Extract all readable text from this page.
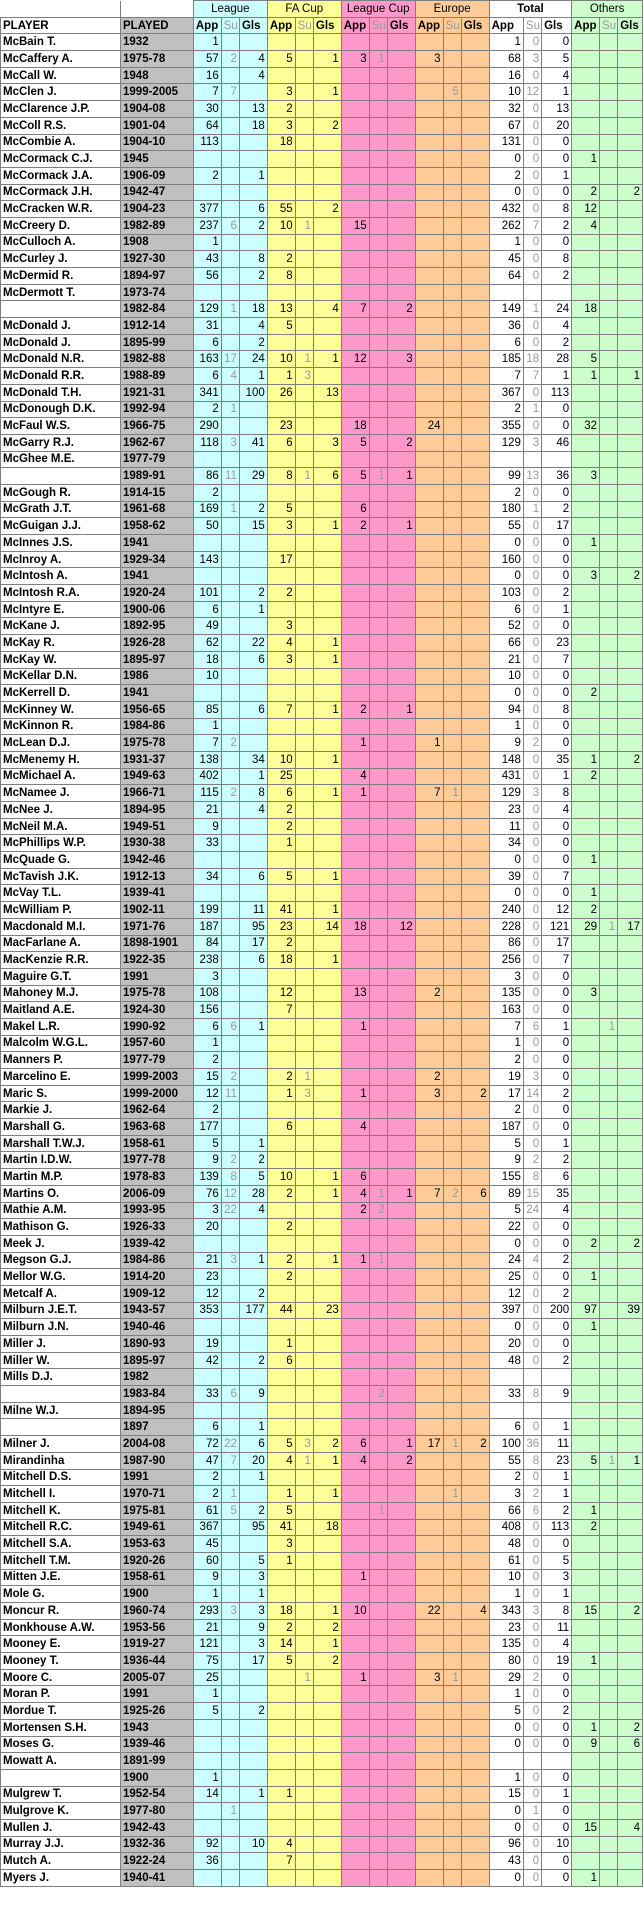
		League			FA Cup			League Cup			Europe			Total			Others		
PLAYER	PLAYED	App	Su	Gls	App	Su	Gls	App	Su	Gls	App	Su	Gls	App	Su	Gls	App	Su	Gls
McBain T.	1932	1												1	0	0			
McCaffery A.	1975-78	57	2	4	5		1	3	1		3			68	3	5			
McCall W.	1948	16		4										16	0	4			
McClen J.	1999-2005	7	7		3		1					5		10	12	1			
McClarence J.P.	1904-08	30		13	2									32	0	13			
McColl R.S.	1901-04	64		18	3		2							67	0	20			
McCombie A.	1904-10	113			18									131	0	0			
McCormack C.J.	1945													0	0	0	1		
McCormack J.A.	1906-09	2		1										2	0	1			
McCormack J.H.	1942-47													0	0	0	2		2
McCracken W.R.	1904-23	377		6	55		2							432	0	8	12		
McCreery D.	1982-89	237	6	2	10	1		15						262	7	2	4		
McCulloch A.	1908	1												1	0	0			
McCurley J.	1927-30	43		8	2									45	0	8			
McDermid R.	1894-97	56		2	8									64	0	2			
McDermott T.	1973-74																		
	1982-84	129	1	18	13		4	7		2				149	1	24	18		
McDonald J.	1912-14	31		4	5									36	0	4			
McDonald J.	1895-99	6		2										6	0	2			
McDonald N.R.	1982-88	163	17	24	10	1	1	12		3				185	18	28	5		
McDonald R.R.	1988-89	6	4	1	1	3								7	7	1	1		1
McDonald T.H.	1921-31	341		100	26		13							367	0	113			
McDonough D.K.	1992-94	2	1											2	1	0			
McFaul W.S.	1966-75	290			23			18			24			355	0	0	32		
McGarry R.J.	1962-67	118	3	41	6		3	5		2				129	3	46			
McGhee M.E.	1977-79																		
	1989-91	86	11	29	8	1	6	5	1	1				99	13	36	3		
McGough R.	1914-15	2												2	0	0			
McGrath J.T.	1961-68	169	1	2	5			6						180	1	2			
McGuigan J.J.	1958-62	50		15	3		1	2		1				55	0	17			
McInnes J.S.	1941													0	0	0	1		
McInroy A.	1929-34	143			17									160	0	0			
McIntosh A.	1941													0	0	0	3		2
McIntosh R.A.	1920-24	101		2	2									103	0	2			
McIntyre E.	1900-06	6		1										6	0	1			
McKane J.	1892-95	49			3									52	0	0			
McKay R.	1926-28	62		22	4		1							66	0	23			
McKay W.	1895-97	18		6	3		1							21	0	7			
McKellar D.N.	1986	10												10	0	0			
McKerrell D.	1941													0	0	0	2		
McKinney W.	1956-65	85		6	7		1	2		1				94	0	8			
McKinnon R.	1984-86	1												1	0	0			
McLean D.J.	1975-78	7	2					1			1			9	2	0			
McMenemy H.	1931-37	138		34	10		1							148	0	35	1		2
McMichael A.	1949-63	402		1	25			4						431	0	1	2		
McNamee J.	1966-71	115	2	8	6		1	1			7	1		129	3	8			
McNee J.	1894-95	21		4	2									23	0	4			
McNeil M.A.	1949-51	9			2									11	0	0			
McPhillips W.P.	1930-38	33			1									34	0	0			
McQuade G.	1942-46													0	0	0	1		
McTavish J.K.	1912-13	34		6	5		1							39	0	7			
McVay T.L.	1939-41													0	0	0	1		
McWilliam P.	1902-11	199		11	41		1							240	0	12	2		
Macdonald M.I.	1971-76	187		95	23		14	18		12				228	0	121	29	1	17
MacFarlane A.	1898-1901	84		17	2									86	0	17			
MacKenzie R.R.	1922-35	238		6	18		1							256	0	7			
Maguire G.T.	1991	3												3	0	0			
Mahoney M.J.	1975-78	108			12			13			2			135	0	0	3		
Maitland A.E.	1924-30	156			7									163	0	0			
Makel L.R.	1990-92	6	6	1				1						7	6	1		1	
Malcolm W.G.L.	1957-60	1												1	0	0			
Manners P.	1977-79	2												2	0	0			
Marcelino E.	1999-2003	15	2		2	1					2			19	3	0			
Maric S.	1999-2000	12	11		1	3		1			3		2	17	14	2			
Markie J.	1962-64	2												2	0	0			
Marshall G.	1963-68	177			6			4						187	0	0			
Marshall T.W.J.	1958-61	5		1										5	0	1			
Martin I.D.W.	1977-78	9	2	2										9	2	2			
Martin M.P.	1978-83	139	8	5	10		1	6						155	8	6			
Martins O.	2006-09	76	12	28	2		1	4	1	1	7	2	6	89	15	35			
Mathie A.M.	1993-95	3	22	4				2	2					5	24	4			
Mathison G.	1926-33	20			2									22	0	0			
Meek J.	1939-42													0	0	0	2		2
Megson G.J.	1984-86	21	3	1	2		1	1	1					24	4	2			
Mellor W.G.	1914-20	23			2									25	0	0	1		
Metcalf A.	1909-12	12		2										12	0	2			
Milburn J.E.T.	1943-57	353		177	44		23							397	0	200	97		39
Milburn J.N.	1940-46													0	0	0	1		
Miller J.	1890-93	19			1									20	0	0			
Miller W.	1895-97	42		2	6									48	0	2			
Mills D.J.	1982																		
	1983-84	33	6	9					2					33	8	9			
Milne W.J.	1894-95																		
	1897	6		1										6	0	1			
Milner J.	2004-08	72	22	6	5	3	2	6		1	17	1	2	100	36	11			
Mirandinha	1987-90	47	7	20	4	1	1	4		2				55	8	23	5	1	1
Mitchell D.S.	1991	2		1										2	0	1			
Mitchell I.	1970-71	2	1		1		1					1		3	2	1			
Mitchell K.	1975-81	61	5	2	5				1					66	6	2	1		
Mitchell R.C.	1949-61	367		95	41		18							408	0	113	2		
Mitchell S.A.	1953-63	45			3									48	0	0			
Mitchell T.M.	1920-26	60		5	1									61	0	5			
Mitten J.E.	1958-61	9		3				1						10	0	3			
Mole G.	1900	1		1										1	0	1			
Moncur R.	1960-74	293	3	3	18		1	10			22		4	343	3	8	15		2
Monkhouse A.W.	1953-56	21		9	2		2							23	0	11			
Mooney E.	1919-27	121		3	14		1							135	0	4			
Mooney T.	1936-44	75		17	5		2							80	0	19	1		
Moore C.	2005-07	25				1		1			3	1		29	2	0			
Moran P.	1991	1												1	0	0			
Mordue T.	1925-26	5		2										5	0	2			
Mortensen S.H.	1943													0	0	0	1		2
Moses G.	1939-46													0	0	0	9		6
Mowatt A.	1891-99																		
	1900	1												1	0	0			
Mulgrew T.	1952-54	14		1	1									15	0	1			
Mulgrove K.	1977-80		1											0	1	0			
Mullen J.	1942-43													0	0	0	15		4
Murray J.J.	1932-36	92		10	4									96	0	10			
Mutch A.	1922-24	36			7									43	0	0			
Myers J.	1940-41													0	0	0	1		
